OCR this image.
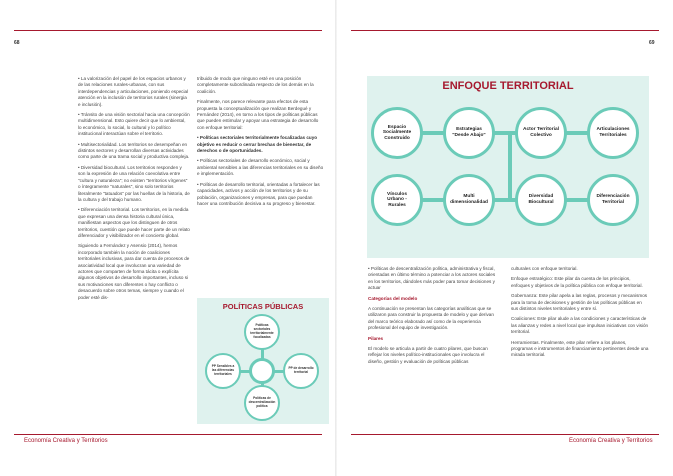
68

• La valorización del papel de los espacios urbanos y de las relaciones rurales-urbanas, con sus interdependencias y articulaciones, poniendo especial atención en la inclusión de territorios rurales (sinergia e inclusión).

• Tránsito de una visión sectorial hacia una concepción multidimensional. Esto quiere decir que lo ambiental, lo económico, lo social, lo cultural y lo político institucional interactúan sobre el territorio.

• Multisectorialidad. Los territorios se desempeñan en distintos sectores y desarrollan diversas actividades como parte de una trama social y productiva compleja.

• Diversidad biocultural. Los territorios responden y son la expresión de una relación coevolutiva entre "cultura y naturaleza"; no existen "territorios vírgenes" o íntegramente "naturales", sino solo territorios literalmente "tatuados" por las huellas de la historia, de la cultura y del trabajo humano.

• Diferenciación territorial. Los territorios, en la medida que expresan una densa historia cultural única, manifiestan aspectos que los distinguen de otros territorios, cuestión que puede hacer parte de un relato diferenciador y visibilizador en el concierto global.

Siguiendo a Fernández y Asensio (2014), hemos incorporado también la noción de coaliciones territoriales inclusivas, para dar cuenta de procesos de asociatividad local que involucran una variedad de actores que comparten de forma tácita o explícita algunos objetivos de desarrollo importantes, incluso si sus motivaciones son diferentes o hay conflicto o desacuerdo sobre otros temas, siempre y cuando el poder esté dis-

tribuido de modo que ninguno esté en una posición completamente subordinada respecto de los demás en la coalición.

Finalmente, nos parece relevante para efectos de esta propuesta la conceptualización que realizan Berdegué y Fernández (2014), en torno a los tipos de políticas públicas que pueden estimular y apoyar una estrategia de desarrollo con enfoque territorial:

• Políticas sectoriales territorialmente focalizadas cuyo objetivo es reducir o cerrar brechas de bienestar, de derechos o de oportunidades.

• Políticas sectoriales de desarrollo económico, social y ambiental sensibles a las diferencias territoriales en su diseño e implementación.

• Políticas de desarrollo territorial, orientadas a fortalecer las capacidades, activos y acción de los territorios y de su población, organizaciones y empresas, para que puedan hacer una contribución decisiva a su progreso y bienestar.

POLÍTICAS PÚBLICAS
Políticas sectoriales territorialmente focalizadas
PP Sensibles a las diferencias territoriales
PP de desarrollo territorial
Políticas de descentralización política
Economía Creativa y Territorios
69
ENFOQUE TERRITORIAL
Espacio Socialmente Construido
Estrategias "Desde Abajo"
Actor Territorial Colectivo
Articulaciones Territoriales
Vínculos Urbano - Rurales
Multi dimensionalidad
Diversidad Biocultural
Diferenciación Territorial

• Políticas de descentralización política, administrativa y fiscal, orientadas en último término a potenciar a los actores sociales en los territorios, dándoles más poder para tomar decisiones y actuar

Categorías del modelo

A continuación se presentan las categorías analíticas que se utilizaron para construir la propuesta de modelo y que derivan del marco teórico elaborado así como de la experiencia profesional del equipo de investigación.

Pilares

El modelo se articula a partir de cuatro pilares, que buscan reflejar los niveles político-institucionales que involucra el diseño, gestión y evaluación de políticas públicas

culturales con enfoque territorial.

Enfoque estratégico: Este pilar da cuenta de los principios, enfoques y objetivos de la política pública con enfoque territorial.

Gobernanza: Este pilar apela a las reglas, procesos y mecanismos para la toma de decisiones y gestión de las políticas públicas en sus distintos niveles territoriales y entre sí.

Coaliciones: Este pilar alude a las condiciones y características de las alianzas y redes a nivel local que impulsan iniciativas con visión territorial.

Herramientas. Finalmente, este pilar refiere a los planes, programas e instrumentos de financiamiento pertinentes desde una mirada territorial.

Economía Creativa y Territorios
